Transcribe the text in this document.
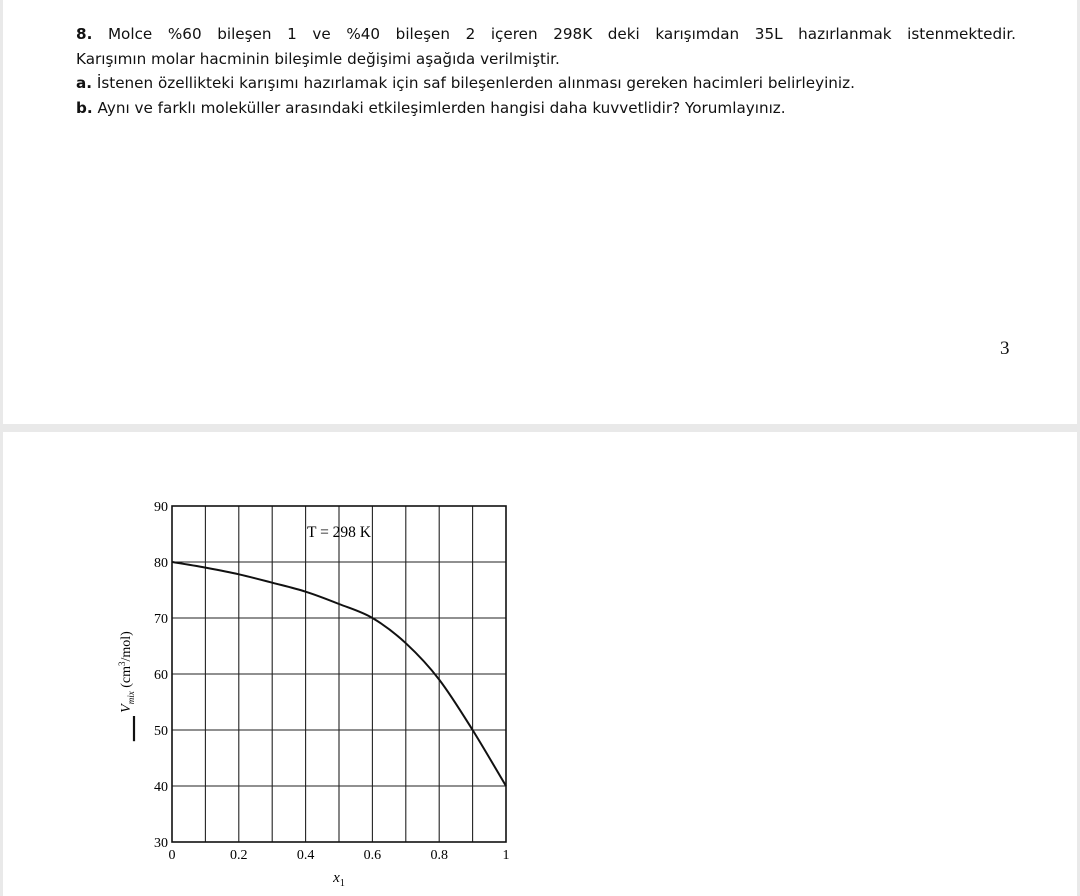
8. Molce %60 bileşen 1 ve %40 bileşen 2 içeren 298K deki karışımdan 35L hazırlanmak istenmektedir.

Karışımın molar hacminin bileşimle değişimi aşağıda verilmiştir.

a. İstenen özellikteki karışımı hazırlamak için saf bileşenlerden alınması gereken hacimleri belirleyiniz.

b. Aynı ve farklı moleküller arasındaki etkileşimlerden hangisi daha kuvvetlidir? Yorumlayınız.

3
0	0.2	0.4	0.6	0.8	1
30
40
50
60
70
80
90
T = 298 K
$x_1$
$V_{mix}$ $(cm^3/mol)$
